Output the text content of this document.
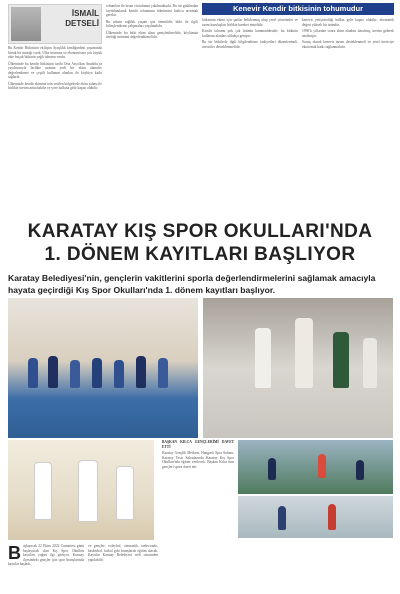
İSMAİL DETSELİ

Bu Kendir Bitkisinin ekilişini Ayaşlılık kimliğindeki yaşamında birtak bir müziği vardı. Ülke insanına ve ekonomisine çok büyük ekte buçuk bitkinin yağlı tohumu vardır.

Ülkemizde bu kendir bitkisinin tarihi Orta Asya'dan Anadolu'ya yayılmasıyla birlikte uzanan yerli bir ekim alanıdır; değerlendirme ve çeşitli kullanım alanları ile köylüye katkı sağlardı.

Ülkemizde kendir ekimine izin verilen bölgelerde ekim sahası ile birlikte üretim arttırılabilir ve yöre halkına gelir kapısı olabilir.

tohumları ile insan vücudunun yakılmaktadır. Bu tür gıdalardan faydalanılarak kendir tohumuna tüketimini hızlıca artırmak gerekir.

Bu tohum sağlıklı yaşam için önemlidir; bitki ile ilgili bilinçlendirme çalışmaları yapılmalıdır.

Ülkemizde bu bitki ekim alanı genişletilmelidir, köylümüz ürettiği ürününü değerlendirmelidir.

Kenevir Kendir bitkisinin tohumudur

bitkisinin ekimi için şartlar belirlenmiş olup yerel yönetimler ve tarım kuruluşları birlikte hareket etmelidir.

Kendir tohumu pek çok ürünün hammaddesidir; bu bitkinin kullanım alanları oldukça geniştir.

Bu tür bitkilerle ilgili bilgilendirme faaliyetleri düzenlenmeli, üreticiler desteklenmelidir.

kenevir yetiştiriciliği halkın gelir kapısı olabilir; ekonomik değeri yüksek bir üründür.

1990'lı yıllardan sonra ekim alanları daralmış, üretim giderek azalmıştır.

Sonuç olarak kenevir tarımı desteklenmeli ve yerel üreticiye ekonomik katkı sağlanmalıdır.

KARATAY KIŞ SPOR OKULLARI'NDA
1. DÖNEM KAYITLARI BAŞLIYOR
Karatay Belediyesi'nin, gençlerin vakitlerini sporla değerlendirmelerini sağlamak amacıyla hayata geçirdiği Kış Spor Okulları'nda 1. dönem kayıtları başlıyor.
B aşlayacak 22 Ekim 2022 Cumartesi günü başlayacak olan Kış Spor Okulları kayıtları yoğun ilgi görüyor. Karatay ilçesindeki gençler için spor branşlarında kayıtlar başladı.
ve gençler; voleybol, cimnastik, taekwondo, basketbol, futbol gibi branşlarda eğitim alacak. Kayıtlar Karatay Belediyesi web sitesinden yapılabilir.

BAŞKAN KILCA GENÇLERİMİ DAVET ETTİ

Karatay Gençlik Merkezi, Hangarlı Spor Salonu, Karatay Tesis Salonlarında Karatay Kış Spor Okulları'nda eğitim verilecek. Başkan Kılca tüm gençleri spora davet etti.
